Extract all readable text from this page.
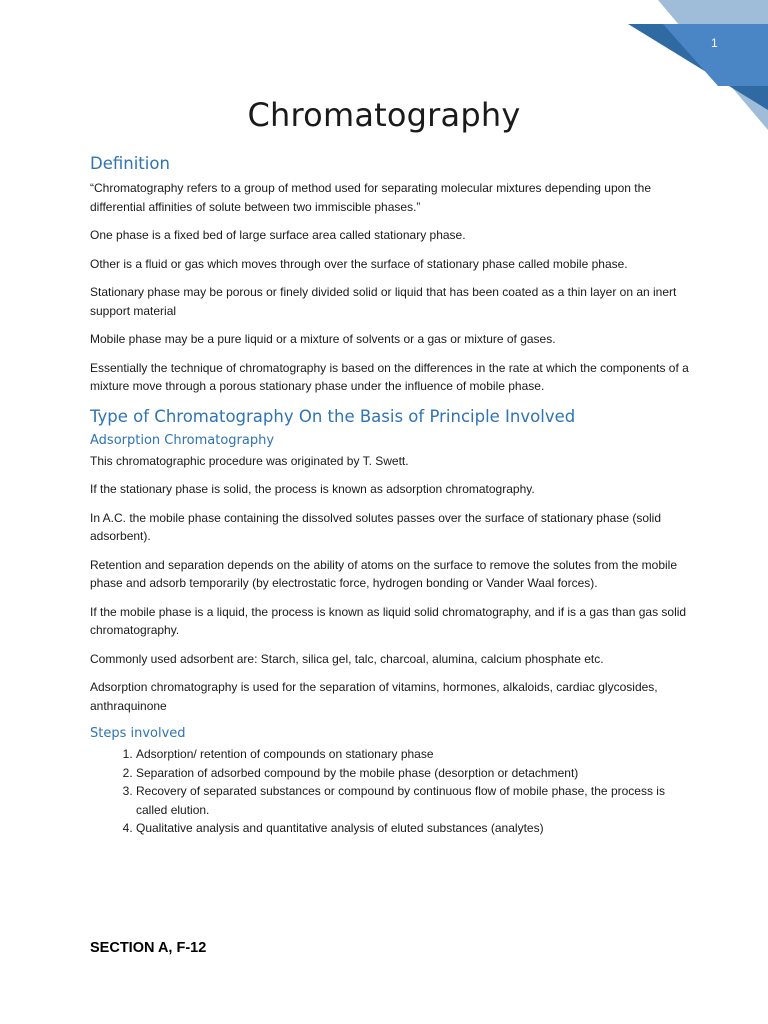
1
Chromatography
Definition

“Chromatography refers to a group of method used for separating molecular mixtures depending upon the differential affinities of solute between two immiscible phases.”

One phase is a fixed bed of large surface area called stationary phase.

Other is a fluid or gas which moves through over the surface of stationary phase called mobile phase.

Stationary phase may be porous or finely divided solid or liquid that has been coated as a thin layer on an inert support material

Mobile phase may be a pure liquid or a mixture of solvents or a gas or mixture of gases.

Essentially the technique of chromatography is based on the differences in the rate at which the components of a mixture move through a porous stationary phase under the influence of mobile phase.

Type of Chromatography On the Basis of Principle Involved
Adsorption Chromatography

This chromatographic procedure was originated by T. Swett.

If the stationary phase is solid, the process is known as adsorption chromatography.

In A.C. the mobile phase containing the dissolved solutes passes over the surface of stationary phase (solid adsorbent).

Retention and separation depends on the ability of atoms on the surface to remove the solutes from the mobile phase and adsorb temporarily (by electrostatic force, hydrogen bonding or Vander Waal forces).

If the mobile phase is a liquid, the process is known as liquid solid chromatography, and if is a gas than gas solid chromatography.

Commonly used adsorbent are: Starch, silica gel, talc, charcoal, alumina, calcium phosphate etc.

Adsorption chromatography is used for the separation of vitamins, hormones, alkaloids, cardiac glycosides, anthraquinone

Steps involved
1. Adsorption/ retention of compounds on stationary phase
2. Separation of adsorbed compound by the mobile phase (desorption or detachment)
3. Recovery of separated substances or compound by continuous flow of mobile phase, the process is called elution.
4. Qualitative analysis and quantitative analysis of eluted substances (analytes)
SECTION A, F-12
